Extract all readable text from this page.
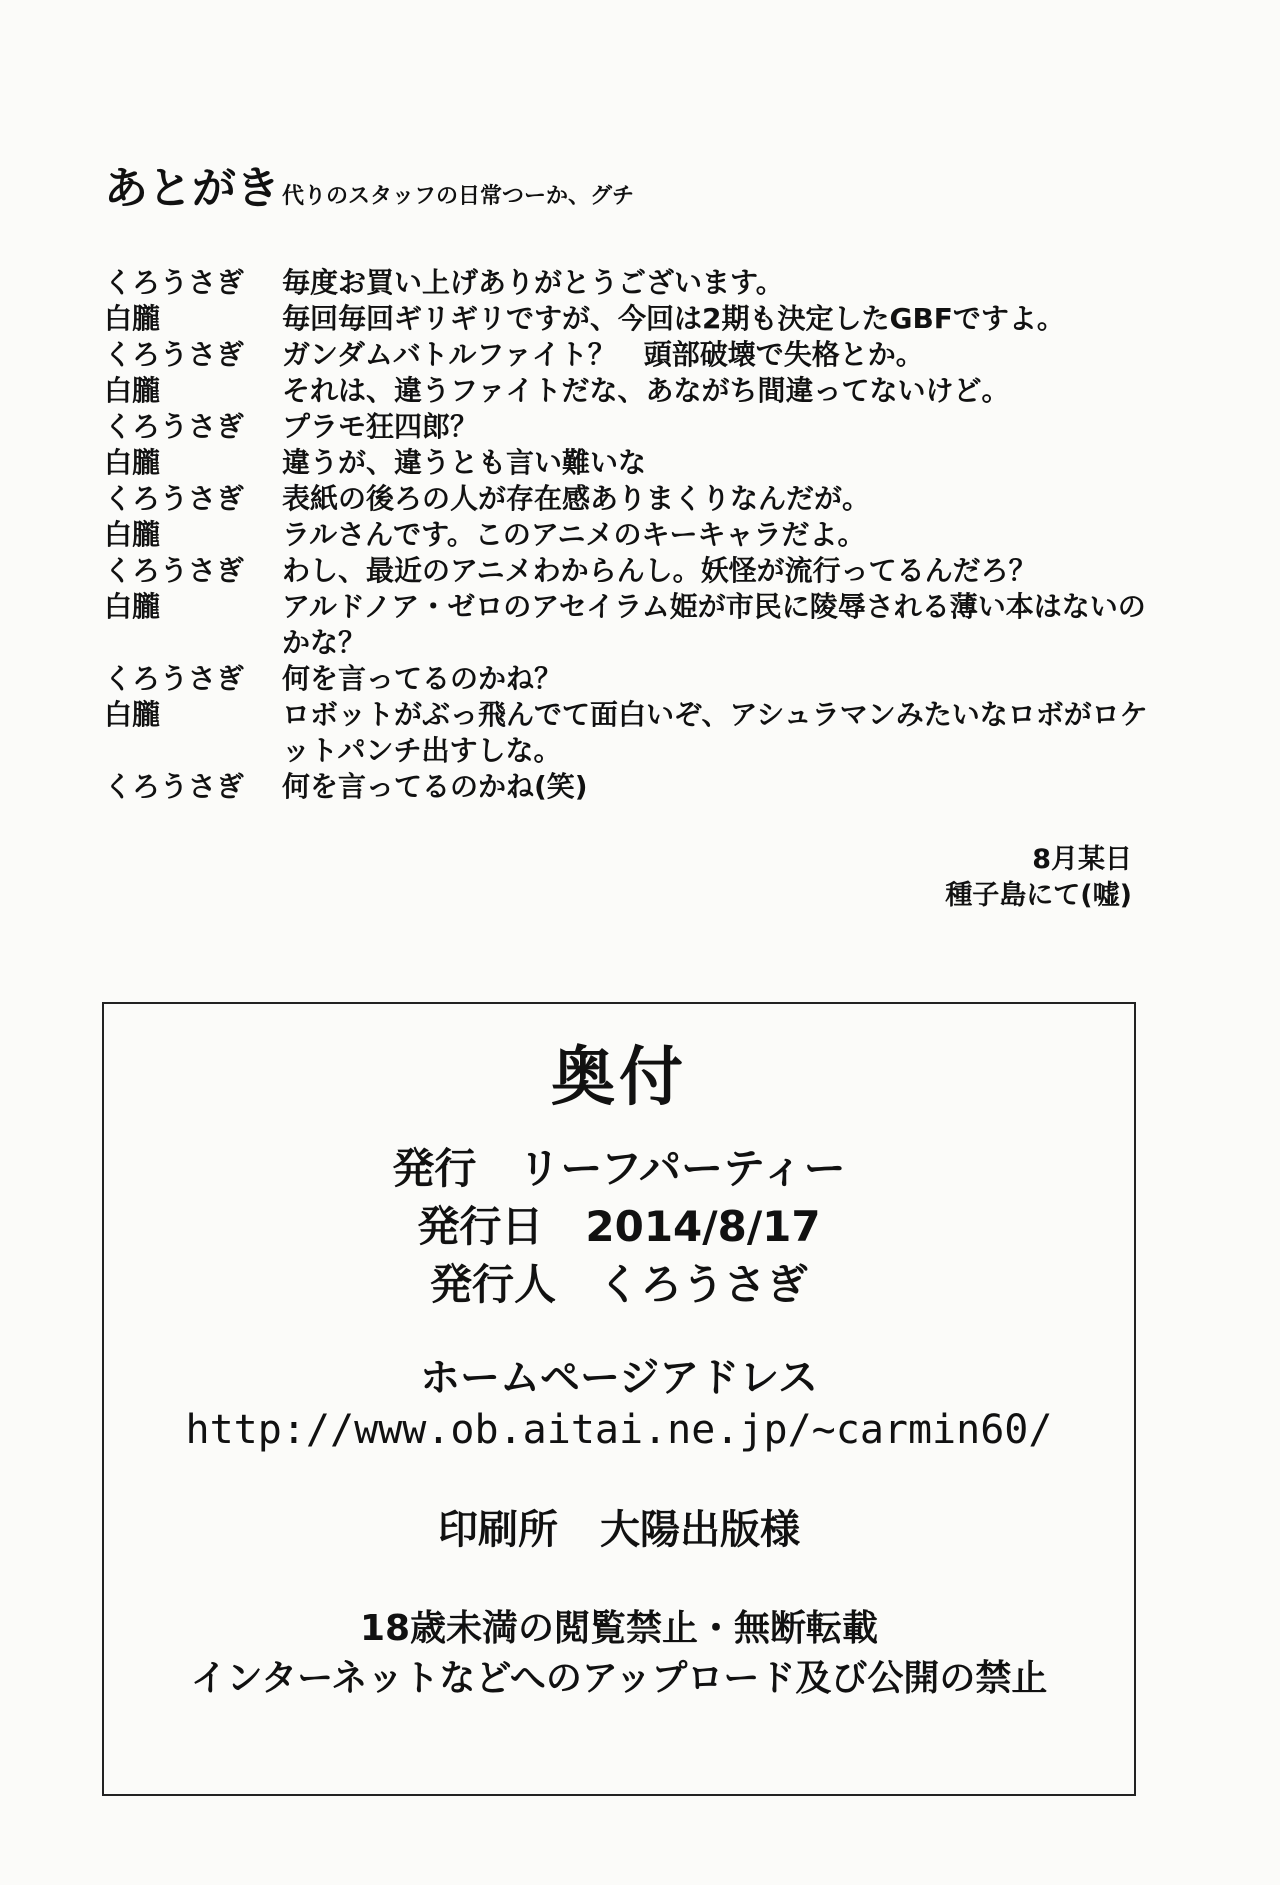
あとがき代りのスタッフの日常つーか、グチ
くろうさぎ	毎度お買い上げありがとうございます。
白朧	毎回毎回ギリギリですが、今回は2期も決定したGBFですよ。
くろうさぎ	ガンダムバトルファイト？　頭部破壊で失格とか。
白朧	それは、違うファイトだな、あながち間違ってないけど。
くろうさぎ	プラモ狂四郎？
白朧	違うが、違うとも言い難いな
くろうさぎ	表紙の後ろの人が存在感ありまくりなんだが。
白朧	ラルさんです。このアニメのキーキャラだよ。
くろうさぎ	わし、最近のアニメわからんし。妖怪が流行ってるんだろ？
白朧	アルドノア・ゼロのアセイラム姫が市民に陵辱される薄い本はないのかな？
くろうさぎ	何を言ってるのかね？
白朧	ロボットがぶっ飛んでて面白いぞ、アシュラマンみたいなロボがロケットパンチ出すしな。
くろうさぎ	何を言ってるのかね(笑)
8月某日
種子島にて(嘘)
奥付
発行 リーフパーティー
発行日 2014/8/17
発行人 くろうさぎ
ホームページアドレス
http://www.ob.aitai.ne.jp/~carmin60/
印刷所 大陽出版様
18歳未満の閲覧禁止・無断転載
インターネットなどへのアップロード及び公開の禁止
